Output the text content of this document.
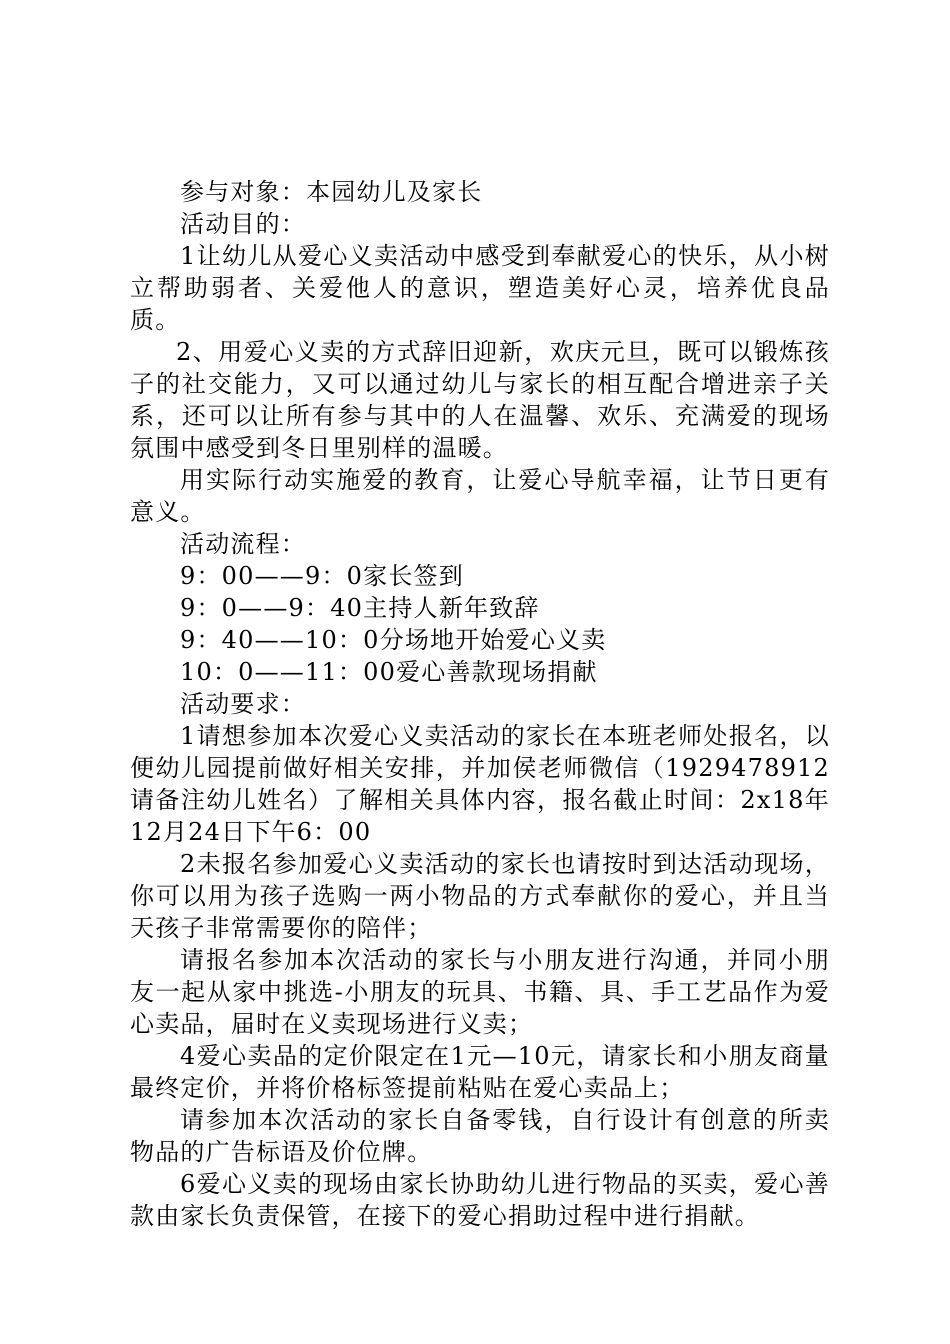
参与对象：本园幼儿及家长

活动目的：

1让幼儿从爱心义卖活动中感受到奉献爱心的快乐，从小树立帮助弱者、关爱他人的意识，塑造美好心灵，培养优良品质。

2、用爱心义卖的方式辞旧迎新，欢庆元旦，既可以锻炼孩子的社交能力，又可以通过幼儿与家长的相互配合增进亲子关系，还可以让所有参与其中的人在温馨、欢乐、充满爱的现场氛围中感受到冬日里别样的温暖。

用实际行动实施爱的教育，让爱心导航幸福，让节日更有意义。

活动流程：

9：00——9：0家长签到

9：0——9：40主持人新年致辞

9：40——10：0分场地开始爱心义卖

10：0——11：00爱心善款现场捐献

活动要求：

1请想参加本次爱心义卖活动的家长在本班老师处报名，以便幼儿园提前做好相关安排，并加侯老师微信（1929478912请备注幼儿姓名）了解相关具体内容，报名截止时间：2x18年12月24日下午6：00

2未报名参加爱心义卖活动的家长也请按时到达活动现场，你可以用为孩子选购一两小物品的方式奉献你的爱心，并且当天孩子非常需要你的陪伴；

请报名参加本次活动的家长与小朋友进行沟通，并同小朋友一起从家中挑选-小朋友的玩具、书籍、具、手工艺品作为爱心卖品，届时在义卖现场进行义卖；

4爱心卖品的定价限定在1元—10元，请家长和小朋友商量最终定价，并将价格标签提前粘贴在爱心卖品上；

请参加本次活动的家长自备零钱，自行设计有创意的所卖物品的广告标语及价位牌。

6爱心义卖的现场由家长协助幼儿进行物品的买卖，爱心善款由家长负责保管，在接下的爱心捐助过程中进行捐献。
